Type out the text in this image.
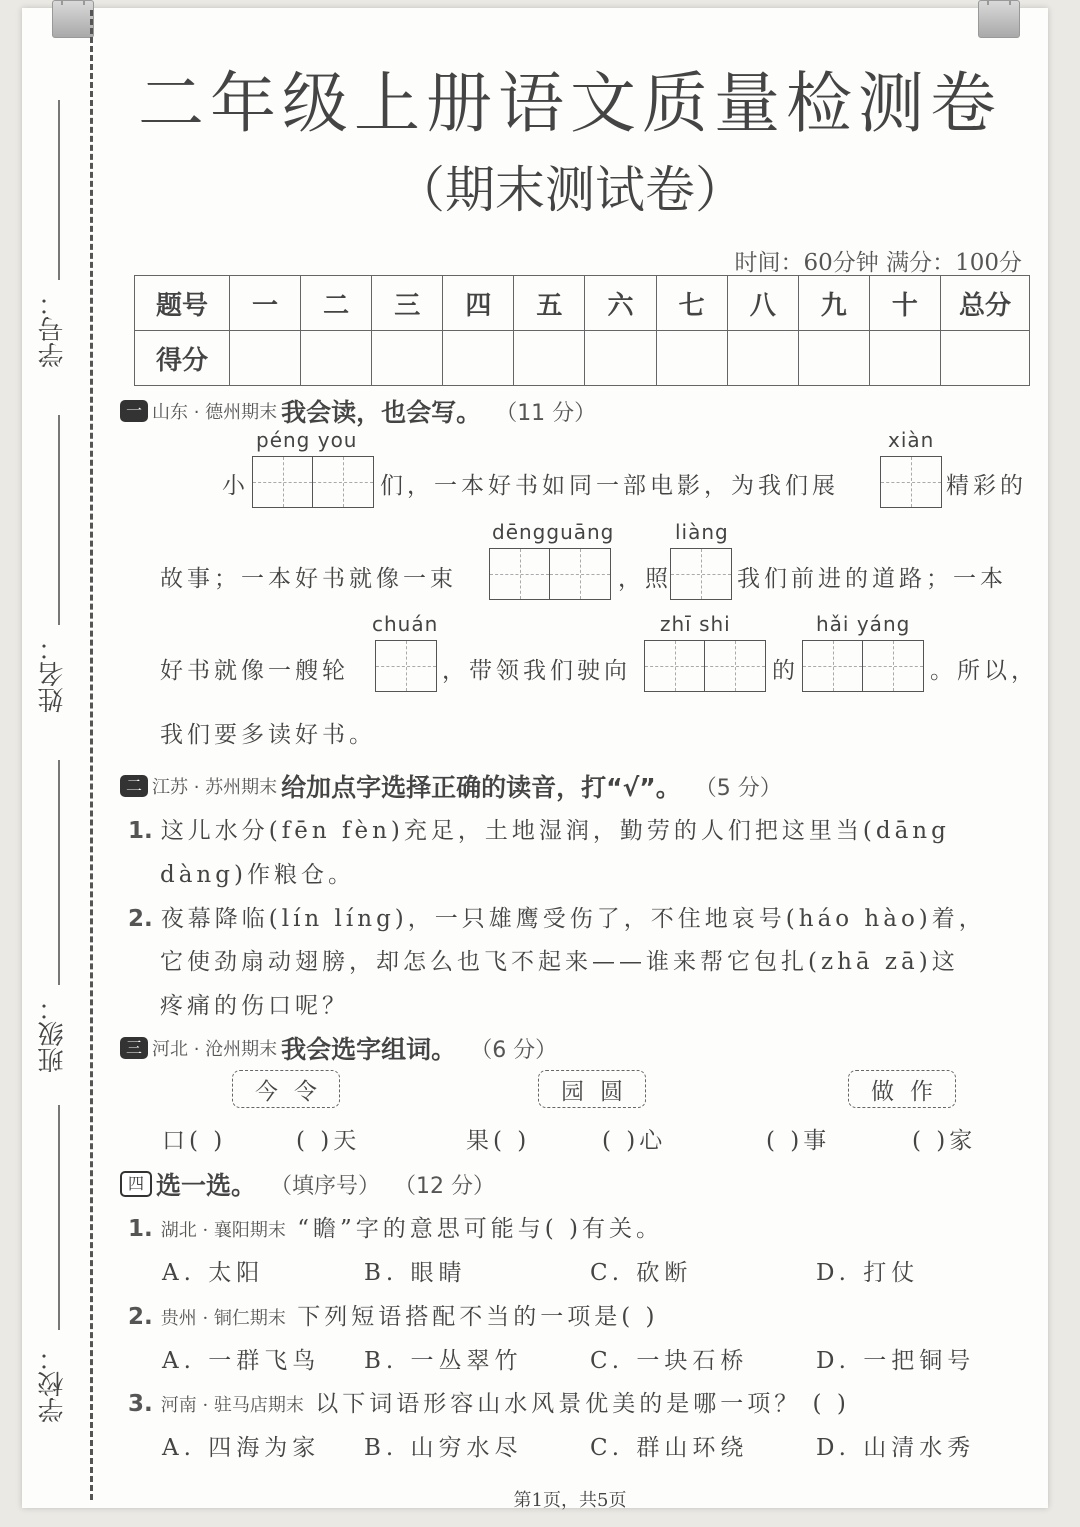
学号：
姓名：
班级：
学校：
二年级上册语文质量检测卷
（期末测试卷）
时间：60分钟 满分：100分
题号	一	二	三	四	五	六	七	八	九	十	总分
得分											
一 山东 · 德州期末 我会读，也会写。 （11 分）
péng you	xiàn
小	们，一本好书如同一部电影，为我们展	精彩的
dēngguāng	liàng
故事；一本好书就像一束	，照	我们前进的道路；一本
chuán	zhī shi	hǎi yáng
好书就像一艘轮	，带领我们驶向	的	。所以，
我们要多读好书。
二 江苏 · 苏州期末 给加点字选择正确的读音，打“√”。 （5 分）
1. 这儿水分(fēn fèn)充足，土地湿润，勤劳的人们把这里当(dāng
dàng)作粮仓。
2. 夜幕降临(lín líng)，一只雄鹰受伤了，不住地哀号(háo hào)着，
它使劲扇动翅膀，却怎么也飞不起来——谁来帮它包扎(zhā zā)这
疼痛的伤口呢？
三 河北 · 沧州期末 我会选字组词。 （6 分）
今 令	园 圆	做 作
口( )	( )天	果( )	( )心	( )事	( )家
四 选一选。 （填序号） （12 分）
1. 湖北 · 襄阳期末 “瞻”字的意思可能与( )有关。
A. 太阳	B. 眼睛	C. 砍断	D. 打仗
2. 贵州 · 铜仁期末 下列短语搭配不当的一项是( )
A. 一群飞鸟 B. 一丛翠竹	C. 一块石桥	D. 一把铜号
3. 河南 · 驻马店期末 以下词语形容山水风景优美的是哪一项？ ( )
A. 四海为家 B. 山穷水尽	C. 群山环绕	D. 山清水秀
第1页，共5页
